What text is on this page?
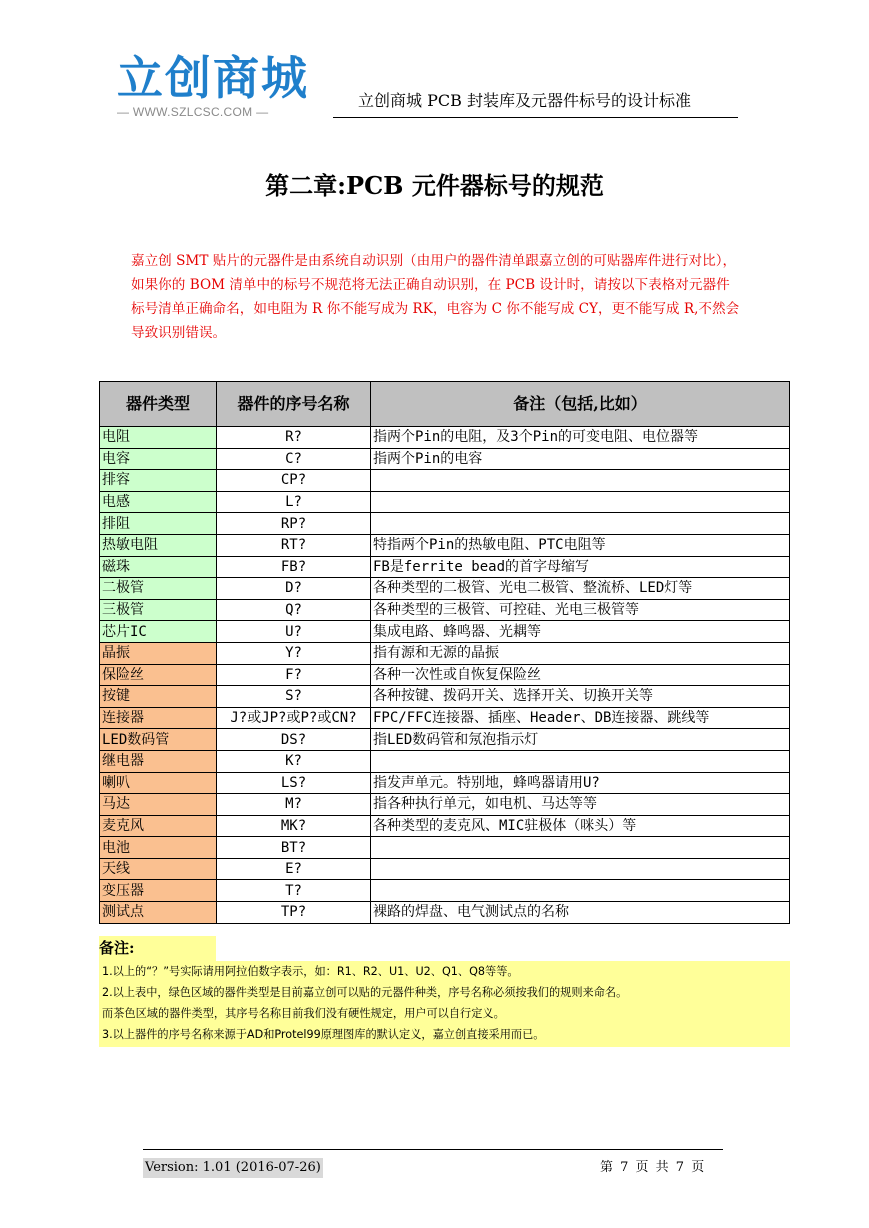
立创商城
— WWW.SZLCSC.COM —
立创商城 PCB 封装库及元器件标号的设计标准
第二章:PCB 元件器标号的规范
嘉立创 SMT 贴片的元器件是由系统自动识别（由用户的器件清单跟嘉立创的可贴器库件进行对比），如果你的 BOM 清单中的标号不规范将无法正确自动识别，在 PCB 设计时，请按以下表格对元器件标号清单正确命名，如电阻为 R 你不能写成为 RK，电容为 C 你不能写成 CY，更不能写成 R,不然会导致识别错误。
器件类型	器件的序号名称	备注（包括,比如）
电阻	R?	指两个Pin的电阻，及3个Pin的可变电阻、电位器等
电容	C?	指两个Pin的电容
排容	CP?	
电感	L?	
排阻	RP?	
热敏电阻	RT?	特指两个Pin的热敏电阻、PTC电阻等
磁珠	FB?	FB是ferrite bead的首字母缩写
二极管	D?	各种类型的二极管、光电二极管、整流桥、LED灯等
三极管	Q?	各种类型的三极管、可控硅、光电三极管等
芯片IC	U?	集成电路、蜂鸣器、光耦等
晶振	Y?	指有源和无源的晶振
保险丝	F?	各种一次性或自恢复保险丝
按键	S?	各种按键、拨码开关、选择开关、切换开关等
连接器	J?或JP?或P?或CN?	FPC/FFC连接器、插座、Header、DB连接器、跳线等
LED数码管	DS?	指LED数码管和氖泡指示灯
继电器	K?	
喇叭	LS?	指发声单元。特别地，蜂鸣器请用U?
马达	M?	指各种执行单元，如电机、马达等等
麦克风	MK?	各种类型的麦克风、MIC驻极体（咪头）等
电池	BT?	
天线	E?	
变压器	T?	
测试点	TP?	裸路的焊盘、电气测试点的名称
备注:
1.以上的“？”号实际请用阿拉伯数字表示，如：R1、R2、U1、U2、Q1、Q8等等。
2.以上表中，绿色区域的器件类型是目前嘉立创可以贴的元器件种类，序号名称必须按我们的规则来命名。
而茶色区域的器件类型，其序号名称目前我们没有硬性规定，用户可以自行定义。
3.以上器件的序号名称来源于AD和Protel99原理图库的默认定义，嘉立创直接采用而已。
Version: 1.01 (2016-07-26)	第 7 页 共 7 页
